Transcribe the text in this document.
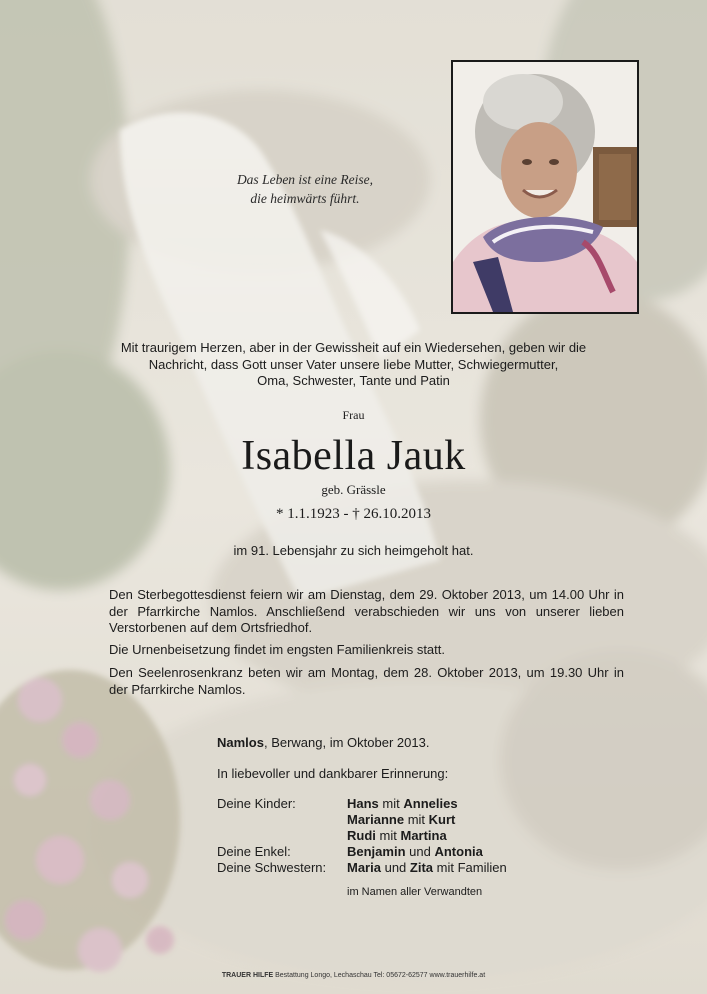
Das Leben ist eine Reise,
die heimwärts führt.
Mit traurigem Herzen, aber in der Gewissheit auf ein Wiedersehen, geben wir die
Nachricht, dass Gott unser Vater unsere liebe Mutter, Schwiegermutter,
Oma, Schwester, Tante und Patin
Frau
Isabella Jauk
geb. Grässle
* 1.1.1923 - † 26.10.2013
im 91. Lebensjahr zu sich heimgeholt hat.
Den Sterbegottesdienst feiern wir am Dienstag, dem 29. Oktober 2013, um 14.00 Uhr in der Pfarrkirche Namlos. Anschließend verabschieden wir uns von unserer lieben Verstorbenen auf dem Ortsfriedhof.
Die Urnenbeisetzung findet im engsten Familienkreis statt.
Den Seelenrosenkranz beten wir am Montag, dem 28. Oktober 2013, um 19.30 Uhr in der Pfarrkirche Namlos.
Namlos, Berwang, im Oktober 2013.
In liebevoller und dankbarer Erinnerung:
Deine Kinder:
Deine Enkel:
Deine Schwestern:
Hans mit Annelies
Marianne mit Kurt
Rudi mit Martina
Benjamin und Antonia
Maria und Zita mit Familien
im Namen aller Verwandten
TRAUER HILFE Bestattung Longo, Lechaschau Tel: 05672-62577 www.trauerhilfe.at
